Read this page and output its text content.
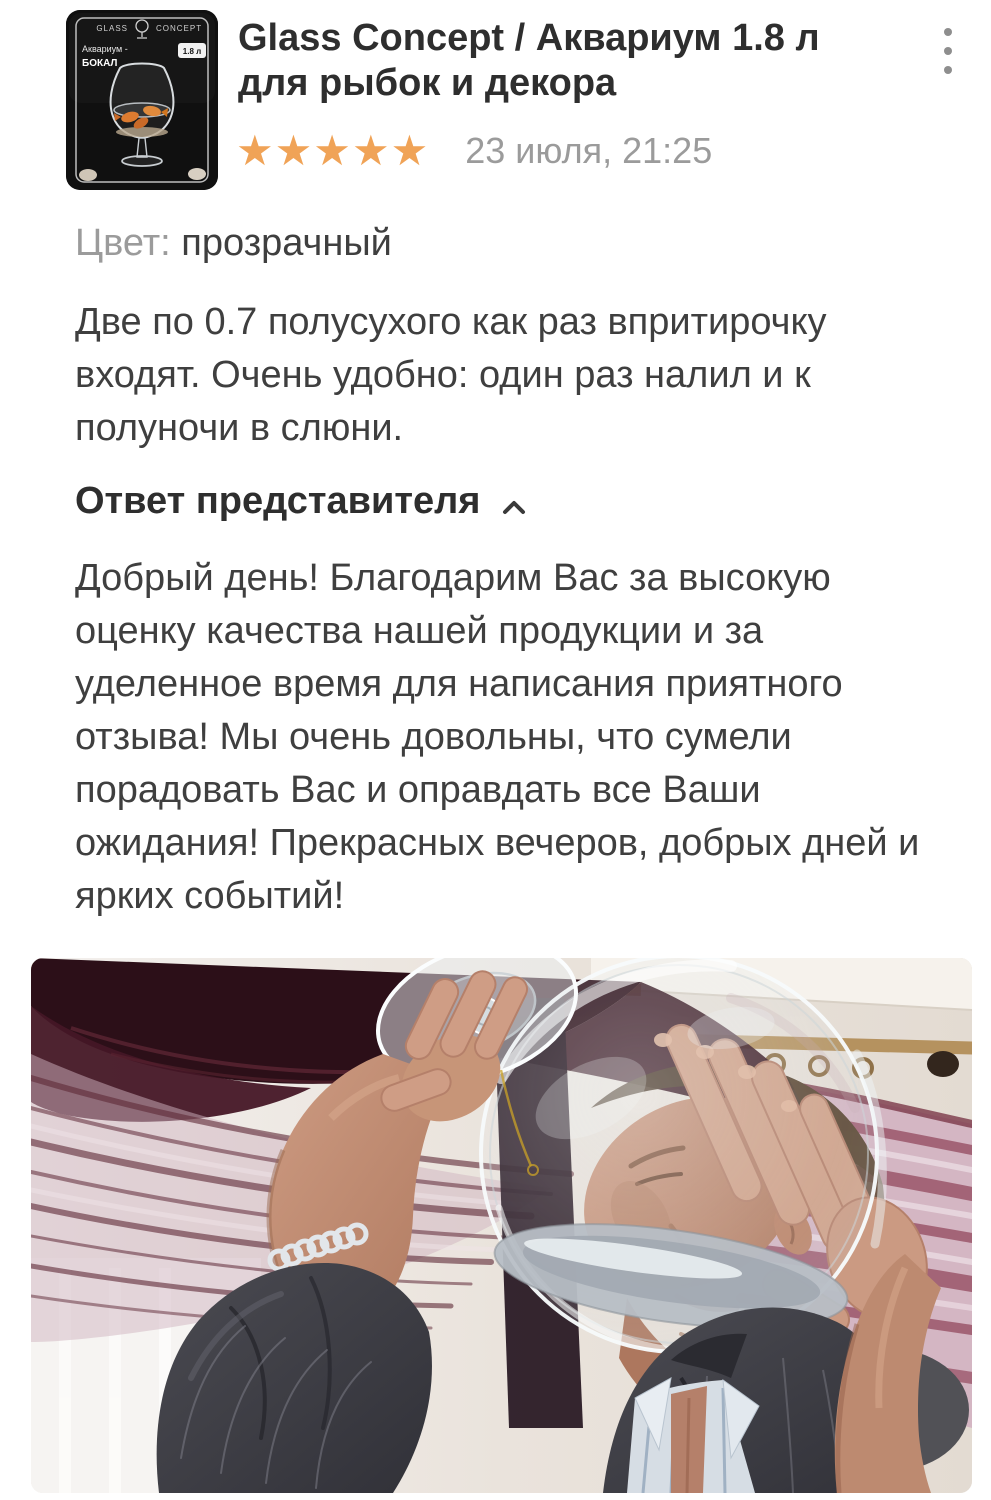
GLASS	CONCEPT
Аквариум -
БОКАЛ
1.8 л Glass Concept / Аквариум 1.8 л для рыбок и декора
★★★★★ 23 июля, 21:25
Цвет: прозрачный
Две по 0.7 полусухого как раз впритирочку
входят. Очень удобно: один раз налил и к
полуночи в слюни.
Ответ представителя
Добрый день! Благодарим Вас за высокую
оценку качества нашей продукции и за
уделенное время для написания приятного
отзыва! Мы очень довольны, что сумели
порадовать Вас и оправдать все Ваши
ожидания! Прекрасных вечеров, добрых дней и
ярких событий!
